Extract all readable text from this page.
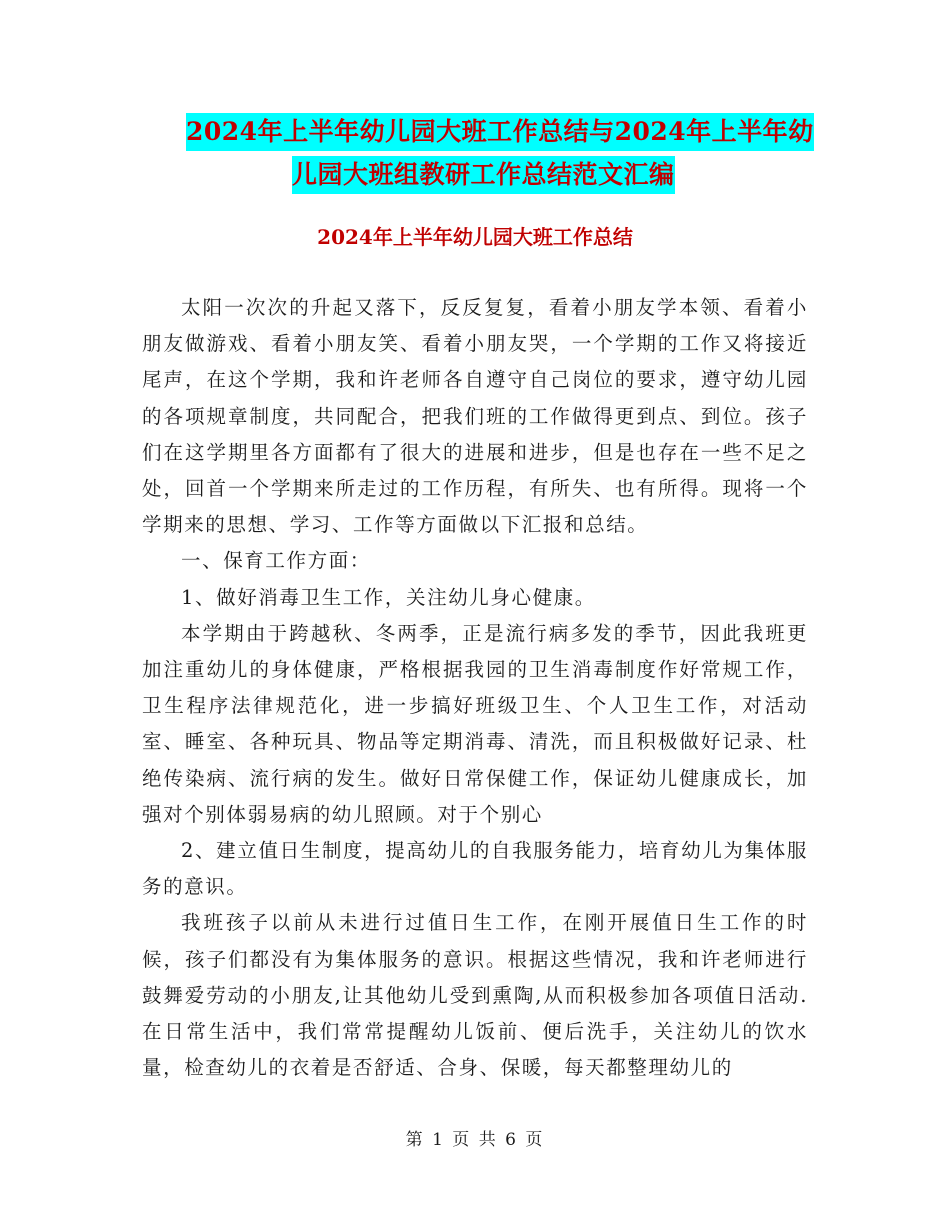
2024年上半年幼儿园大班工作总结与2024年上半年幼
儿园大班组教研工作总结范文汇编
2024年上半年幼儿园大班工作总结

太阳一次次的升起又落下，反反复复，看着小朋友学本领、看着小朋友做游戏、看着小朋友笑、看着小朋友哭，一个学期的工作又将接近尾声，在这个学期，我和许老师各自遵守自己岗位的要求，遵守幼儿园的各项规章制度，共同配合，把我们班的工作做得更到点、到位。孩子们在这学期里各方面都有了很大的进展和进步，但是也存在一些不足之处，回首一个学期来所走过的工作历程，有所失、也有所得。现将一个学期来的思想、学习、工作等方面做以下汇报和总结。

一、保育工作方面：

1、做好消毒卫生工作，关注幼儿身心健康。

本学期由于跨越秋、冬两季，正是流行病多发的季节，因此我班更加注重幼儿的身体健康，严格根据我园的卫生消毒制度作好常规工作，卫生程序法律规范化，进一步搞好班级卫生、个人卫生工作，对活动室、睡室、各种玩具、物品等定期消毒、清洗，而且积极做好记录、杜绝传染病、流行病的发生。做好日常保健工作，保证幼儿健康成长，加强对个别体弱易病的幼儿照顾。对于个别心

2、建立值日生制度，提高幼儿的自我服务能力，培育幼儿为集体服务的意识。

我班孩子以前从未进行过值日生工作，在刚开展值日生工作的时候，孩子们都没有为集体服务的意识。根据这些情况，我和许老师进行鼓舞爱劳动的小朋友,让其他幼儿受到熏陶,从而积极参加各项值日活动.在日常生活中，我们常常提醒幼儿饭前、便后洗手，关注幼儿的饮水量，检查幼儿的衣着是否舒适、合身、保暖，每天都整理幼儿的

第 1 页 共 6 页
